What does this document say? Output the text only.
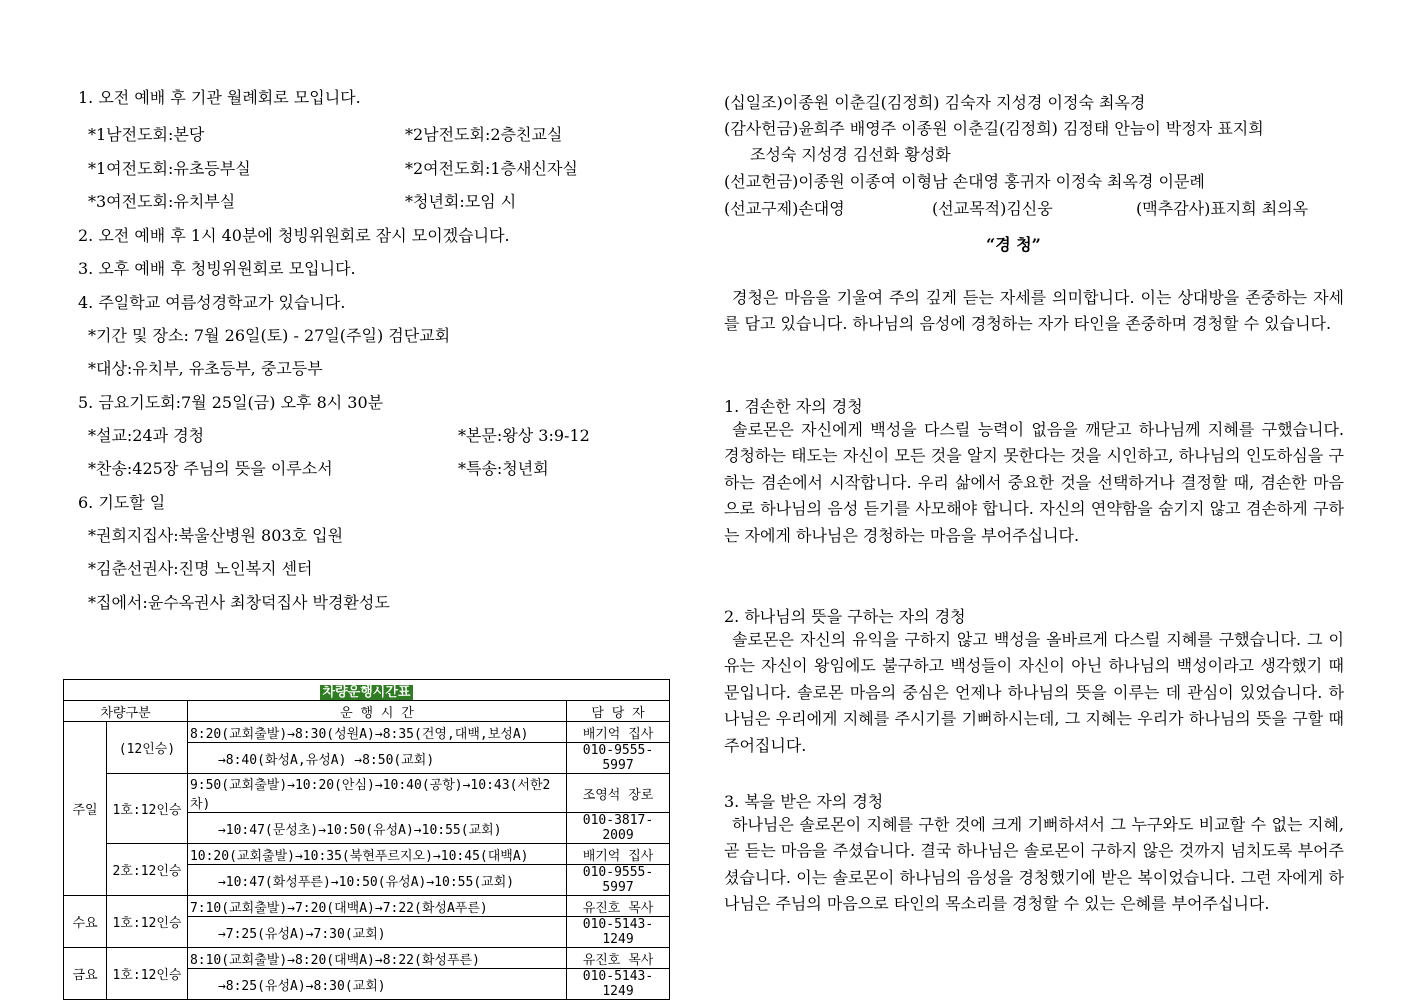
1. 오전 예배 후 기관 월례회로 모입니다.
*1남전도회:본당	*2남전도회:2층친교실
*1여전도회:유초등부실	*2여전도회:1층새신자실
*3여전도회:유치부실	*청년회:모임 시
2. 오전 예배 후 1시 40분에 청빙위원회로 잠시 모이겠습니다.
3. 오후 예배 후 청빙위원회로 모입니다.
4. 주일학교 여름성경학교가 있습니다.
*기간 및 장소: 7월 26일(토) - 27일(주일) 검단교회
*대상:유치부, 유초등부, 중고등부
5. 금요기도회:7월 25일(금) 오후 8시 30분
*설교:24과 경청	*본문:왕상 3:9-12
*찬송:425장 주님의 뜻을 이루소서	*특송:청년회
6. 기도할 일
*권희지집사:북울산병원 803호 입원
*김춘선권사:진명 노인복지 센터
*집에서:윤수옥권사 최창덕집사 박경환성도
차량운행시간표			
차량구분		운 행 시 간	담 당 자
주일	(12인승)	8:20(교회출발)→8:30(성원A)→8:35(건영,대백,보성A)	배기억 집사
		→8:40(화성A,유성A) →8:50(교회)	010-9555-5997
	1호:12인승	9:50(교회출발)→10:20(안심)→10:40(공항)→10:43(서한2차)	조영석 장로
		→10:47(문성초)→10:50(유성A)→10:55(교회)	010-3817-2009
	2호:12인승	10:20(교회출발)→10:35(북현푸르지오)→10:45(대백A)	배기억 집사
		→10:47(화성푸른)→10:50(유성A)→10:55(교회)	010-9555-5997
수요	1호:12인승	7:10(교회출발)→7:20(대백A)→7:22(화성A푸른)	유진호 목사
		→7:25(유성A)→7:30(교회)	010-5143-1249
금요	1호:12인승	8:10(교회출발)→8:20(대백A)→8:22(화성푸른)	유진호 목사
		→8:25(유성A)→8:30(교회)	010-5143-1249
(십일조)이종원 이춘길(김정희) 김숙자 지성경 이정숙 최옥경
(감사헌금)윤희주 배영주 이종원 이춘길(김정희) 김정태 안늠이 박정자 표지희
조성숙 지성경 김선화 황성화
(선교헌금)이종원 이종여 이형남 손대영 홍귀자 이정숙 최옥경 이문례
(선교구제)손대영	(선교목적)김신웅	(맥추감사)표지희 최의옥
“경 청”
경청은 마음을 기울여 주의 깊게 듣는 자세를 의미합니다. 이는 상대방을 존중하는 자세를 담고 있습니다. 하나님의 음성에 경청하는 자가 타인을 존중하며 경청할 수 있습니다.
1. 겸손한 자의 경청
솔로몬은 자신에게 백성을 다스릴 능력이 없음을 깨닫고 하나님께 지혜를 구했습니다. 경청하는 태도는 자신이 모든 것을 알지 못한다는 것을 시인하고, 하나님의 인도하심을 구하는 겸손에서 시작합니다. 우리 삶에서 중요한 것을 선택하거나 결정할 때, 겸손한 마음으로 하나님의 음성 듣기를 사모해야 합니다. 자신의 연약함을 숨기지 않고 겸손하게 구하는 자에게 하나님은 경청하는 마음을 부어주십니다.
2. 하나님의 뜻을 구하는 자의 경청
솔로몬은 자신의 유익을 구하지 않고 백성을 올바르게 다스릴 지혜를 구했습니다. 그 이유는 자신이 왕임에도 불구하고 백성들이 자신이 아닌 하나님의 백성이라고 생각했기 때문입니다. 솔로몬 마음의 중심은 언제나 하나님의 뜻을 이루는 데 관심이 있었습니다. 하나님은 우리에게 지혜를 주시기를 기뻐하시는데, 그 지혜는 우리가 하나님의 뜻을 구할 때 주어집니다.
3. 복을 받은 자의 경청
하나님은 솔로몬이 지혜를 구한 것에 크게 기뻐하셔서 그 누구와도 비교할 수 없는 지혜, 곧 듣는 마음을 주셨습니다. 결국 하나님은 솔로몬이 구하지 않은 것까지 넘치도록 부어주셨습니다. 이는 솔로몬이 하나님의 음성을 경청했기에 받은 복이었습니다. 그런 자에게 하나님은 주님의 마음으로 타인의 목소리를 경청할 수 있는 은혜를 부어주십니다.
